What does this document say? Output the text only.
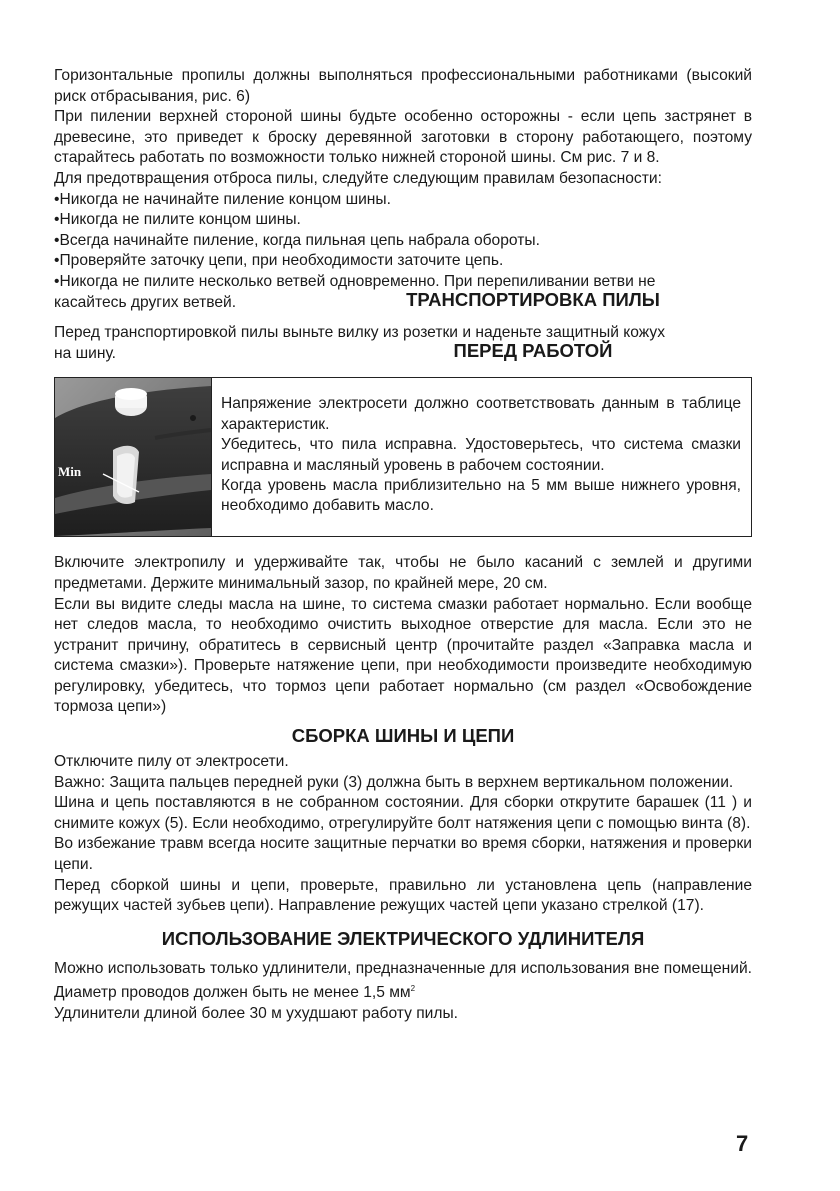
Горизонтальные пропилы должны выполняться профессиональными работниками (высокий риск отбрасывания, рис. 6)

При пилении верхней стороной шины будьте особенно осторожны - если цепь застрянет в древесине, это приведет к броску деревянной заготовки в сторону работающего, поэтому старайтесь работать по возможности только нижней стороной шины. См рис. 7 и 8.

Для предотвращения отброса пилы, следуйте следующим правилам безопасности:

•Никогда не начинайте пиление концом шины.

•Никогда не пилите концом шины.

•Всегда начинайте пиление, когда пильная цепь набрала обороты.

•Проверяйте заточку цепи, при необходимости заточите цепь.

•Никогда не пилите несколько ветвей одновременно. При перепиливании ветви не

касайтесь других ветвей.	ТРАНСПОРТИРОВКА ПИЛЫ

Перед транспортировкой пилы выньте вилку из розетки и наденьте защитный кожух

на шину.	ПЕРЕД РАБОТОЙ
Min

Напряжение электросети должно соответствовать данным в таблице характеристик.

Убедитесь, что пила исправна. Удостоверьтесь, что система смазки исправна и масляный уровень в рабочем состоянии.

Когда уровень масла приблизительно на 5 мм выше нижнего уровня, необходимо добавить масло.

Включите электропилу и удерживайте так, чтобы не было касаний с землей и другими предметами. Держите минимальный зазор, по крайней мере, 20 см.

Если вы видите следы масла на шине, то система смазки работает нормально. Если вообще нет следов масла, то необходимо очистить выходное отверстие для масла. Если это не устранит причину, обратитесь в сервисный центр (прочитайте раздел «Заправка масла и система смазки»). Проверьте натяжение цепи, при необходимости произведите необходимую регулировку, убедитесь, что тормоз цепи работает нормально (см раздел «Освобождение тормоза цепи»)

СБОРКА ШИНЫ И ЦЕПИ

Отключите пилу от электросети.

Важно: Защита пальцев передней руки (3) должна быть в верхнем вертикальном положении.

Шина и цепь поставляются в не собранном состоянии. Для сборки открутите барашек (11 ) и снимите кожух (5). Если необходимо, отрегулируйте болт натяжения цепи с помощью винта (8).

Во избежание травм всегда носите защитные перчатки во время сборки, натяжения и проверки цепи.

Перед сборкой шины и цепи, проверьте, правильно ли установлена цепь (направление режущих частей зубьев цепи). Направление режущих частей цепи указано стрелкой (17).

ИСПОЛЬЗОВАНИЕ ЭЛЕКТРИЧЕСКОГО УДЛИНИТЕЛЯ

Можно использовать только удлинители, предназначенные для использования вне помещений. Диаметр проводов должен быть не менее 1,5 $мм^2$

Удлинители длиной более 30 м ухудшают работу пилы.

7
